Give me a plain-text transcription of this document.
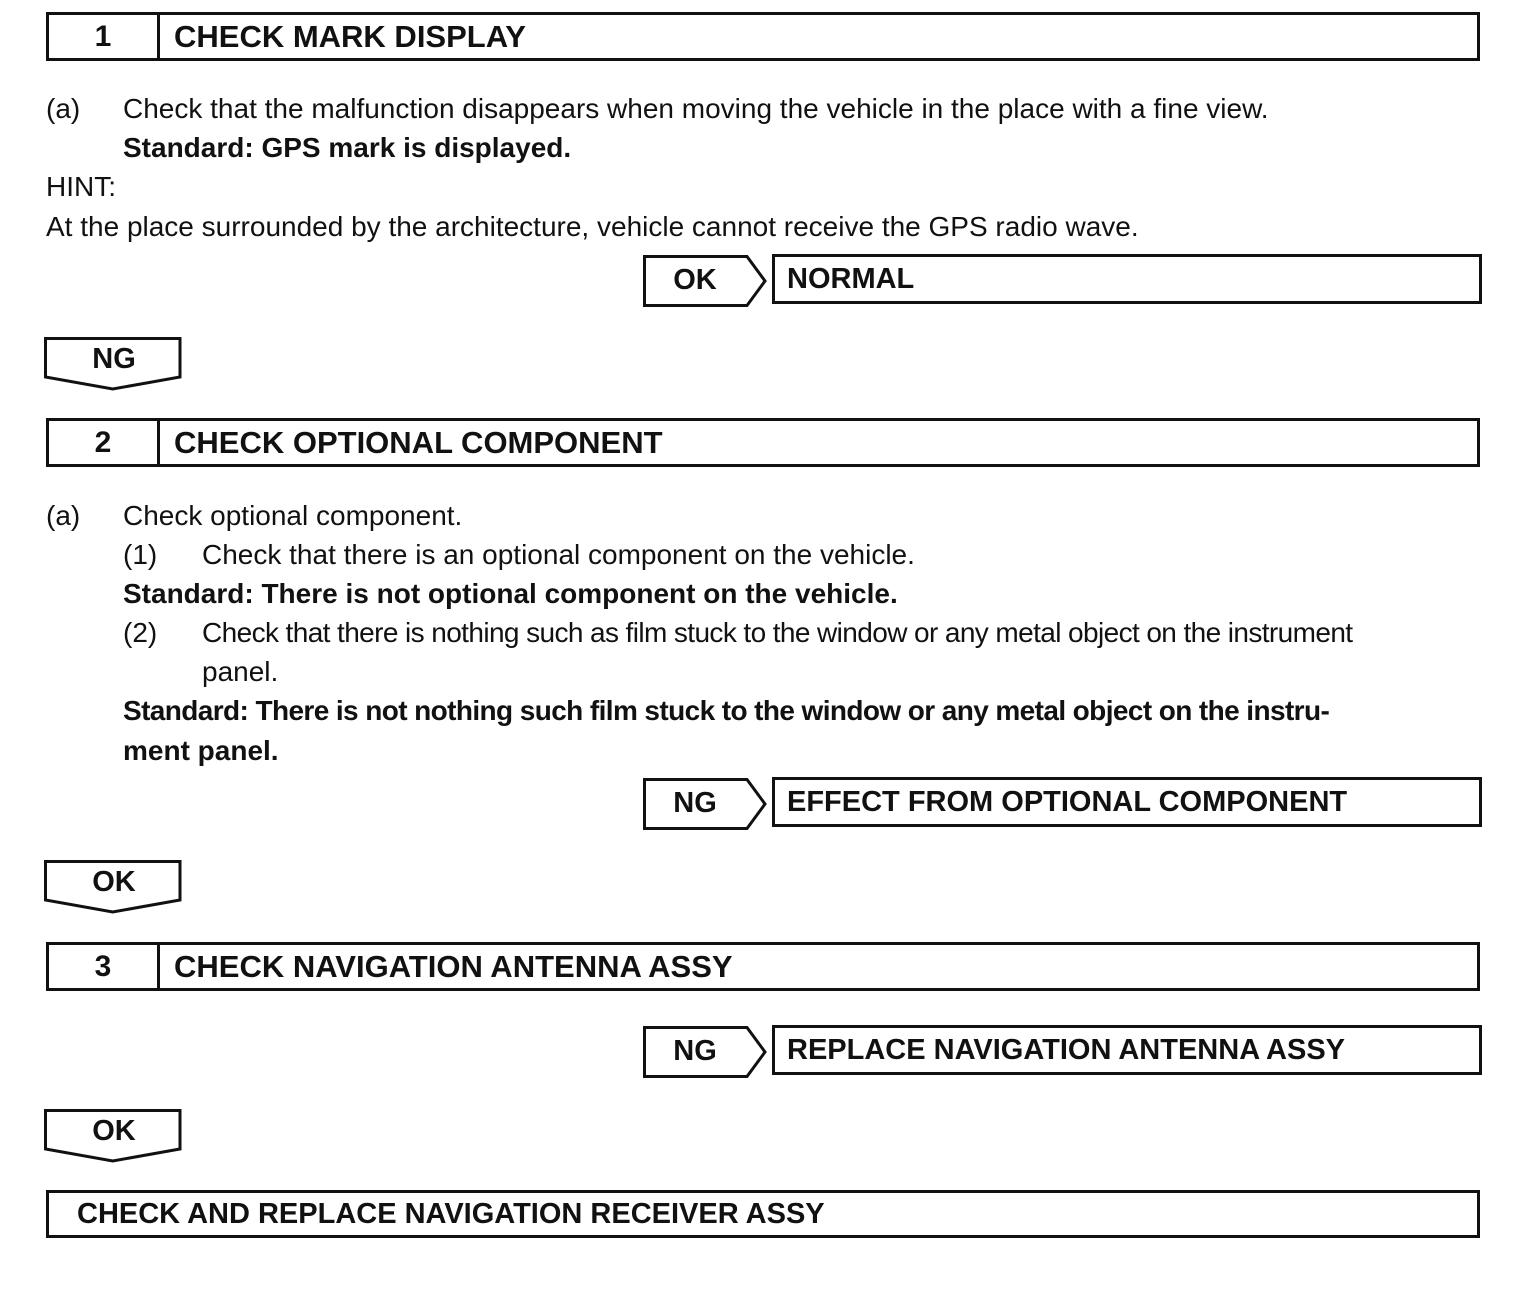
1	CHECK MARK DISPLAY
(a) Check that the malfunction disappears when moving the vehicle in the place with a fine view.
Standard: GPS mark is displayed.
HINT:
At the place surrounded by the architecture, vehicle cannot receive the GPS radio wave.
OK	NORMAL
NG
2	CHECK OPTIONAL COMPONENT
(a) Check optional component.
(1) Check that there is an optional component on the vehicle.
Standard: There is not optional component on the vehicle.
(2) Check that there is nothing such as film stuck to the window or any metal object on the instrument
panel.
Standard: There is not nothing such film stuck to the window or any metal object on the instru-
ment panel.
NG	EFFECT FROM OPTIONAL COMPONENT
OK
3	CHECK NAVIGATION ANTENNA ASSY
NG	REPLACE NAVIGATION ANTENNA ASSY
OK
CHECK AND REPLACE NAVIGATION RECEIVER ASSY
